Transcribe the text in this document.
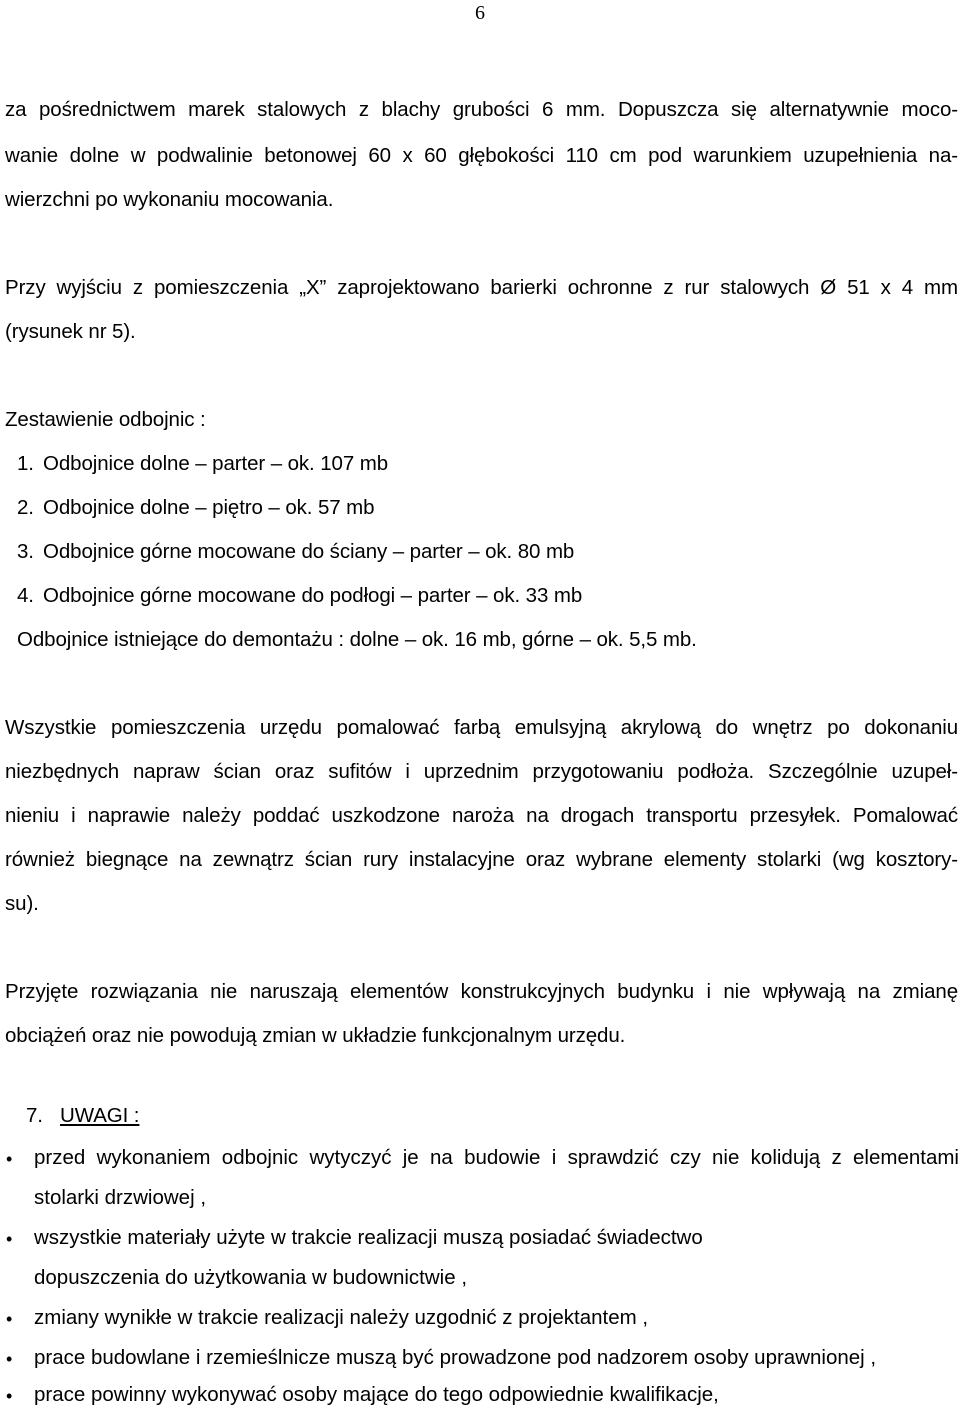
6
za pośrednictwem marek stalowych z blachy grubości 6 mm. Dopuszcza się alternatywnie moco-
wanie dolne w podwalinie betonowej 60 x 60 głębokości 110 cm pod warunkiem uzupełnienia na-
wierzchni po wykonaniu mocowania.
Przy wyjściu z pomieszczenia „X” zaprojektowano barierki ochronne z rur stalowych Ø 51 x 4 mm
(rysunek nr 5).
Zestawienie odbojnic :
1. Odbojnice dolne – parter – ok. 107 mb
2. Odbojnice dolne – piętro – ok. 57 mb
3. Odbojnice górne mocowane do ściany – parter – ok. 80 mb
4. Odbojnice górne mocowane do podłogi – parter – ok. 33 mb
Odbojnice istniejące do demontażu : dolne – ok. 16 mb, górne – ok. 5,5 mb.
Wszystkie pomieszczenia urzędu pomalować farbą emulsyjną akrylową do wnętrz po dokonaniu
niezbędnych napraw ścian oraz sufitów i uprzednim przygotowaniu podłoża. Szczególnie uzupeł-
nieniu i naprawie należy poddać uszkodzone naroża na drogach transportu przesyłek. Pomalować
również biegnące na zewnątrz ścian rury instalacyjne oraz wybrane elementy stolarki (wg kosztory-
su).
Przyjęte rozwiązania nie naruszają elementów konstrukcyjnych budynku i nie wpływają na zmianę
obciążeń oraz nie powodują zmian w układzie funkcjonalnym urzędu.
7. UWAGI :
• przed wykonaniem odbojnic wytyczyć je na budowie i sprawdzić czy nie kolidują z elementami
stolarki drzwiowej ,
• wszystkie materiały użyte w trakcie realizacji muszą posiadać świadectwo
dopuszczenia do użytkowania w budownictwie ,
• zmiany wynikłe w trakcie realizacji należy uzgodnić z projektantem ,
• prace budowlane i rzemieślnicze muszą być prowadzone pod nadzorem osoby uprawnionej ,
• prace powinny wykonywać osoby mające do tego odpowiednie kwalifikacje,
